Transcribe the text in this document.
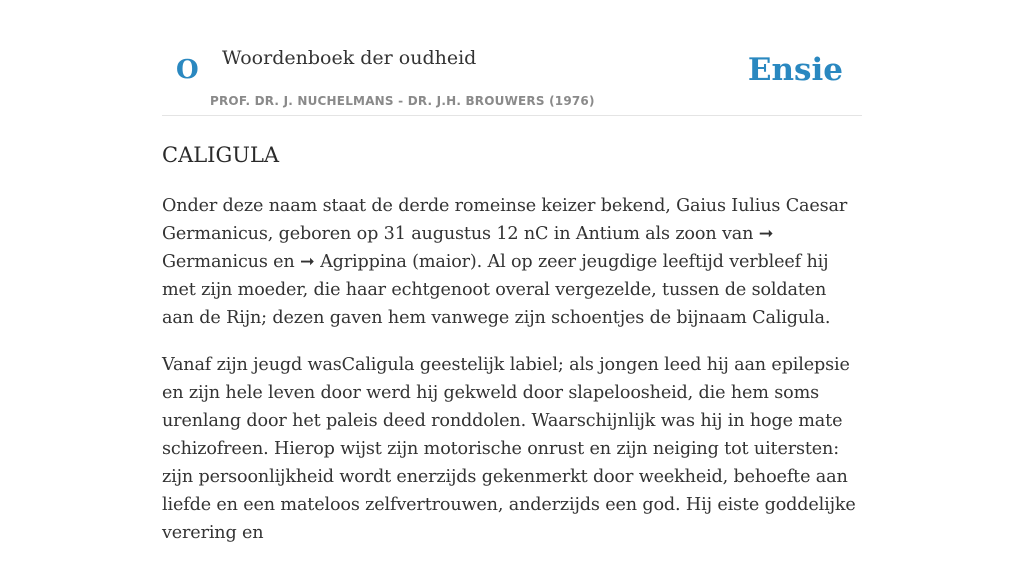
O Woordenboek der oudheid
PROF. DR. J. NUCHELMANS - DR. J.H. BROUWERS (1976)
Ensie
CALIGULA

Onder deze naam staat de derde romeinse keizer bekend, Gaius Iulius Caesar Germanicus, geboren op 31 augustus 12 nC in Antium als zoon van ➞ Germanicus en ➞ Agrippina (maior). Al op zeer jeugdige leeftijd verbleef hij met zijn moeder, die haar echtgenoot overal vergezelde, tussen de soldaten aan de Rijn; dezen gaven hem vanwege zijn schoentjes de bijnaam Caligula.

Vanaf zijn jeugd wasCaligula geestelijk labiel; als jongen leed hij aan epilepsie en zijn hele leven door werd hij gekweld door slapeloosheid, die hem soms urenlang door het paleis deed ronddolen. Waarschijnlijk was hij in hoge mate schizofreen. Hierop wijst zijn motorische onrust en zijn neiging tot uitersten: zijn persoonlijkheid wordt enerzijds gekenmerkt door weekheid, behoefte aan liefde en een mateloos zelfvertrouwen, anderzijds een god. Hij eiste goddelijke verering en
